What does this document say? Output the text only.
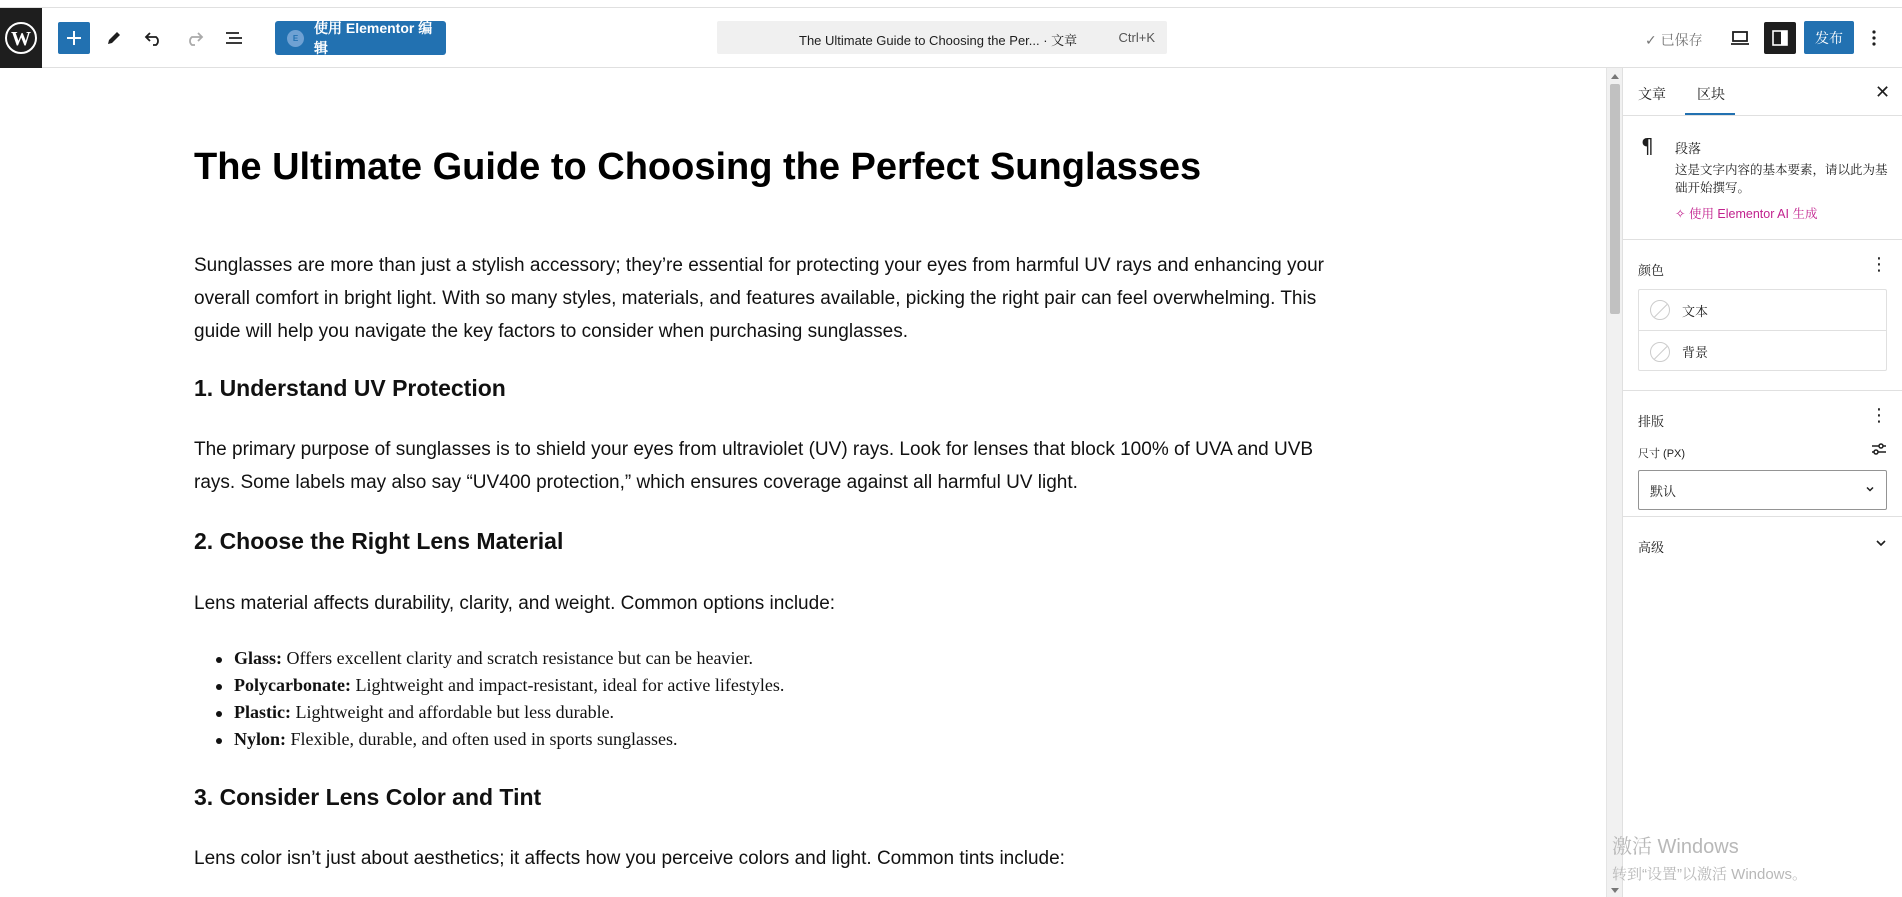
W	E
使用 Elementor 编辑	The Ultimate Guide to Choosing the Per... · 文章	Ctrl+K	✓ 已保存	发布
The Ultimate Guide to Choosing the Perfect Sunglasses

Sunglasses are more than just a stylish accessory; they’re essential for protecting your eyes from harmful UV rays and enhancing your overall comfort in bright light. With so many styles, materials, and features available, picking the right pair can feel overwhelming. This guide will help you navigate the key factors to consider when purchasing sunglasses.

1. Understand UV Protection

The primary purpose of sunglasses is to shield your eyes from ultraviolet (UV) rays. Look for lenses that block 100% of UVA and UVB rays. Some labels may also say “UV400 protection,” which ensures coverage against all harmful UV light.

2. Choose the Right Lens Material

Lens material affects durability, clarity, and weight. Common options include:

Glass: Offers excellent clarity and scratch resistance but can be heavier.
Polycarbonate: Lightweight and impact-resistant, ideal for active lifestyles.
Plastic: Lightweight and affordable but less durable.
Nylon: Flexible, durable, and often used in sports sunglasses.
3. Consider Lens Color and Tint

Lens color isn’t just about aesthetics; it affects how you perceive colors and light. Common tints include:

文章 区块	✕
¶ 段落

这是文字内容的基本要素，请以此为基础开始撰写。

✧ 使用 Elementor AI 生成
颜色	⋮
文本
背景
排版	⋮
尺寸 (PX)
默认
高级
激活 Windows
转到“设置”以激活 Windows。
